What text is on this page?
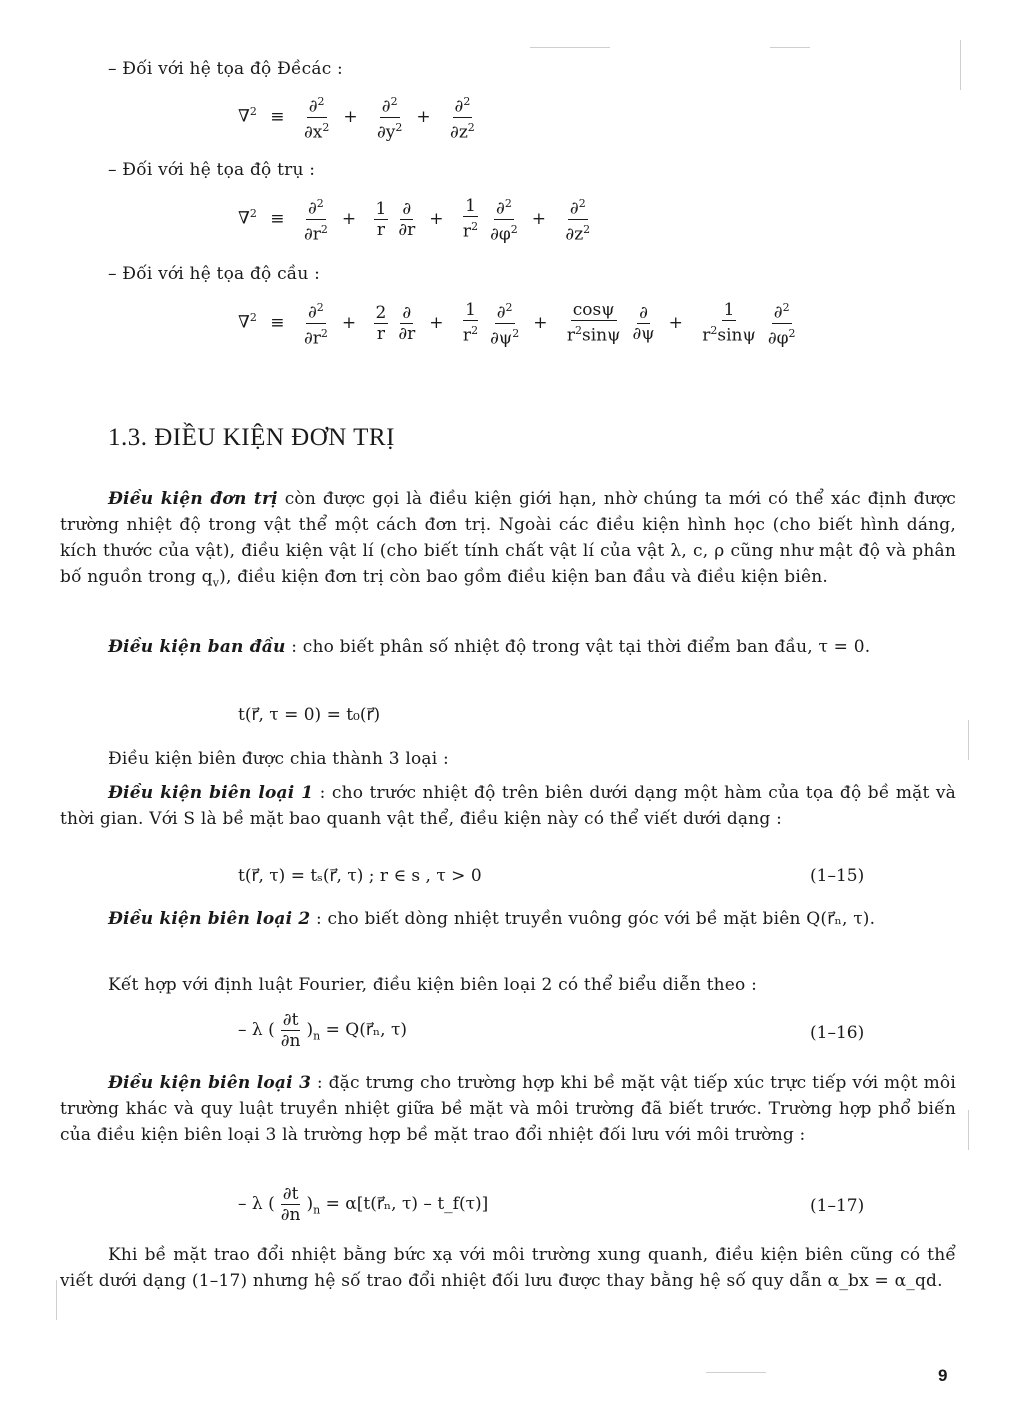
– Đối với hệ tọa độ Đềcác :
$\nabla^2 \equiv \frac{\partial^2}{\partial x^2} + \frac{\partial^2}{\partial y^2} + \frac{\partial^2}{\partial z^2}$
– Đối với hệ tọa độ trụ :
$\nabla^2 \equiv \frac{\partial^2}{\partial r^2} + \frac{1}{r} \frac{\partial}{\partial r} + \frac{1}{r^2} \frac{\partial^2}{\partial\varphi^2} + \frac{\partial^2}{\partial z^2}$
– Đối với hệ tọa độ cầu :
$\nabla^2 \equiv \frac{\partial^2}{\partial r^2} + \frac{2}{r} \frac{\partial}{\partial r} + \frac{1}{r^2} \frac{\partial^2}{\partial\psi^2} + \frac{\cos\psi}{r^2\sin\psi} \frac{\partial}{\partial\psi} + \frac{1}{r^2\sin\psi} \frac{\partial^2}{\partial\varphi^2}$
1.3. ĐIỀU KIỆN ĐƠN TRỊ
Điều kiện đơn trị còn được gọi là điều kiện giới hạn, nhờ chúng ta mới có thể xác định được trường nhiệt độ trong vật thể một cách đơn trị. Ngoài các điều kiện hình học (cho biết hình dáng, kích thước của vật), điều kiện vật lí (cho biết tính chất vật lí của vật λ, c, ρ cũng như mật độ và phân bố nguồn trong $q_v$), điều kiện đơn trị còn bao gồm điều kiện ban đầu và điều kiện biên.
Điều kiện ban đầu : cho biết phân số nhiệt độ trong vật tại thời điểm ban đầu, τ = 0.
t(r⃗, τ = 0) = t₀(r⃗)
Điều kiện biên được chia thành 3 loại :
Điều kiện biên loại 1 : cho trước nhiệt độ trên biên dưới dạng một hàm của tọa độ bề mặt và thời gian. Với S là bề mặt bao quanh vật thể, điều kiện này có thể viết dưới dạng :
t(r⃗, τ) = tₛ(r⃗, τ) ; r ∈ s , τ > 0	(1–15)
Điều kiện biên loại 2 : cho biết dòng nhiệt truyền vuông góc với bề mặt biên Q(r⃗ₙ, τ).
Kết hợp với định luật Fourier, điều kiện biên loại 2 có thể biểu diễn theo :
– λ ( $\frac{\partial t}{\partial n} )_n$ = Q(r⃗ₙ, τ)	(1–16)
Điều kiện biên loại 3 : đặc trưng cho trường hợp khi bề mặt vật tiếp xúc trực tiếp với một môi trường khác và quy luật truyền nhiệt giữa bề mặt và môi trường đã biết trước. Trường hợp phổ biến của điều kiện biên loại 3 là trường hợp bề mặt trao đổi nhiệt đối lưu với môi trường :
– λ ( $\frac{\partial t}{\partial n} )_n$ = α[t(r⃗ₙ, τ) – t_f(τ)]	(1–17)
Khi bề mặt trao đổi nhiệt bằng bức xạ với môi trường xung quanh, điều kiện biên cũng có thể viết dưới dạng (1–17) nhưng hệ số trao đổi nhiệt đối lưu được thay bằng hệ số quy dẫn α_bx = α_qd.
9
